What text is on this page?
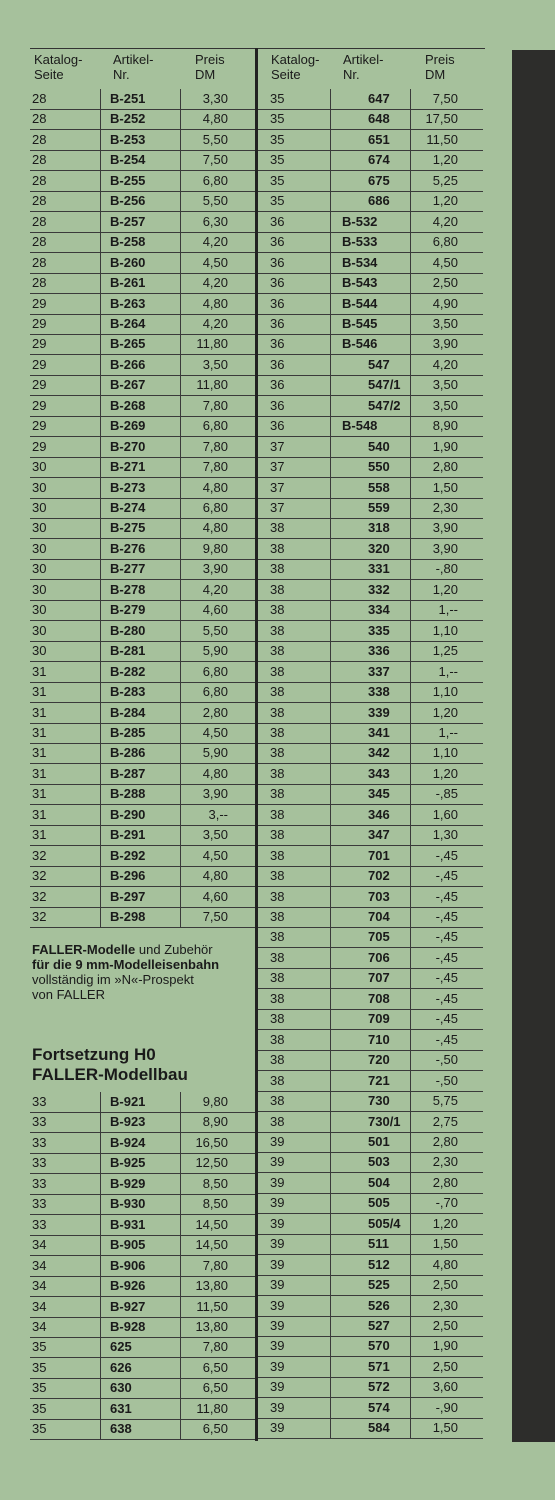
Katalog-
Seite
Artikel-
Nr.
Preis
DM
Katalog-
Seite
Artikel-
Nr.
Preis
DM
28	B-251	3,30
28	B-252	4,80
28	B-253	5,50
28	B-254	7,50
28	B-255	6,80
28	B-256	5,50
28	B-257	6,30
28	B-258	4,20
28	B-260	4,50
28	B-261	4,20
29	B-263	4,80
29	B-264	4,20
29	B-265	11,80
29	B-266	3,50
29	B-267	11,80
29	B-268	7,80
29	B-269	6,80
29	B-270	7,80
30	B-271	7,80
30	B-273	4,80
30	B-274	6,80
30	B-275	4,80
30	B-276	9,80
30	B-277	3,90
30	B-278	4,20
30	B-279	4,60
30	B-280	5,50
30	B-281	5,90
31	B-282	6,80
31	B-283	6,80
31	B-284	2,80
31	B-285	4,50
31	B-286	5,90
31	B-287	4,80
31	B-288	3,90
31	B-290	3,--
31	B-291	3,50
32	B-292	4,50
32	B-296	4,80
32	B-297	4,60
32	B-298	7,50
33	B-921	9,80
33	B-923	8,90
33	B-924	16,50
33	B-925	12,50
33	B-929	8,50
33	B-930	8,50
33	B-931	14,50
34	B-905	14,50
34	B-906	7,80
34	B-926	13,80
34	B-927	11,50
34	B-928	13,80
35	625	7,80
35	626	6,50
35	630	6,50
35	631	11,80
35	638	6,50
35	647	7,50
35	648	17,50
35	651	11,50
35	674	1,20
35	675	5,25
35	686	1,20
36	B-532	4,20
36	B-533	6,80
36	B-534	4,50
36	B-543	2,50
36	B-544	4,90
36	B-545	3,50
36	B-546	3,90
36	547	4,20
36	547/1 3,50
36	547/2 3,50
36	B-548	8,90
37	540	1,90
37	550	2,80
37	558	1,50
37	559	2,30
38	318	3,90
38	320	3,90
38	331	-,80
38	332	1,20
38	334	1,--
38	335	1,10
38	336	1,25
38	337	1,--
38	338	1,10
38	339	1,20
38	341	1,--
38	342	1,10
38	343	1,20
38	345	-,85
38	346	1,60
38	347	1,30
38	701	-,45
38	702	-,45
38	703	-,45
38	704	-,45
38	705	-,45
38	706	-,45
38	707	-,45
38	708	-,45
38	709	-,45
38	710	-,45
38	720	-,50
38	721	-,50
38	730	5,75
38	730/1 2,75
39	501	2,80
39	503	2,30
39	504	2,80
39	505	-,70
39	505/4 1,20
39	511	1,50
39	512	4,80
39	525	2,50
39	526	2,30
39	527	2,50
39	570	1,90
39	571	2,50
39	572	3,60
39	574	-,90
39	584	1,50
FALLER-Modelle und Zubehör
für die 9 mm-Modelleisenbahn
vollständig im »N«-Prospekt
von FALLER
Fortsetzung H0
FALLER-Modellbau
